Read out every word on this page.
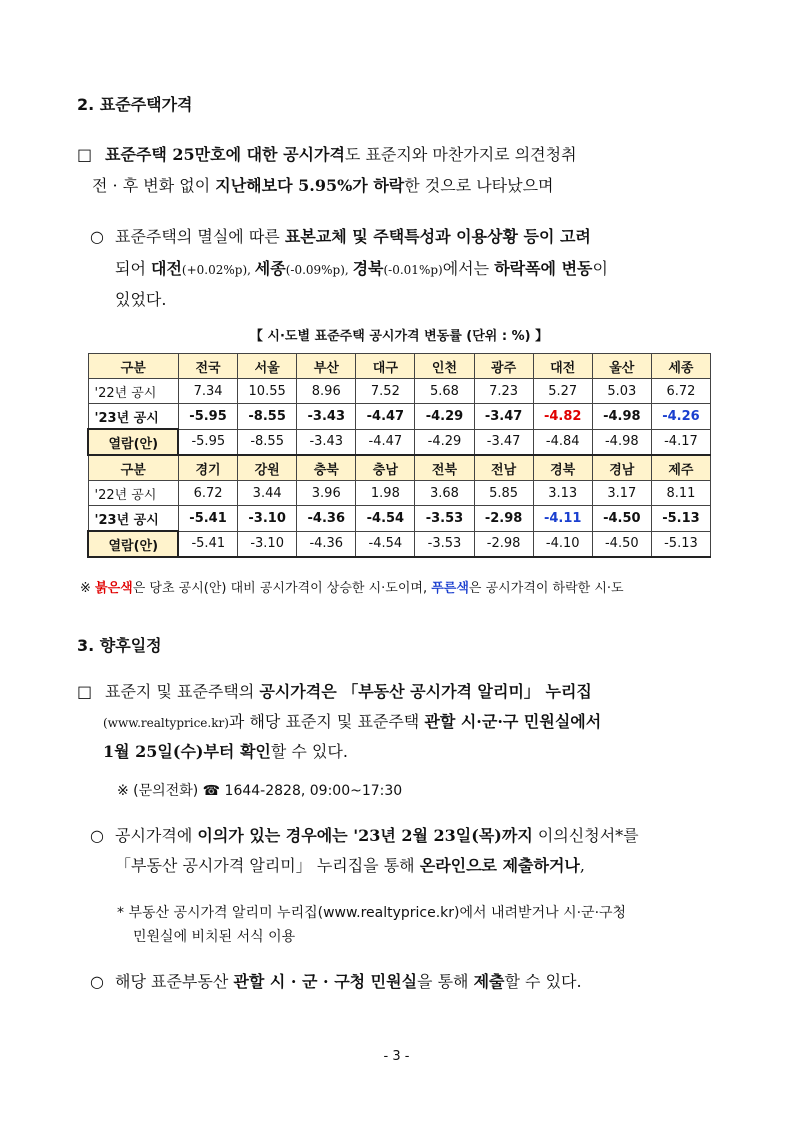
2. 표준주택가격
□ 표준주택 25만호에 대한 공시가격도 표준지와 마찬가지로 의견청취
전 · 후 변화 없이 지난해보다 5.95%가 하락한 것으로 나타났으며
○ 표준주택의 멸실에 따른 표본교체 및 주택특성과 이용상황 등이 고려
되어 대전(+0.02%p), 세종(-0.09%p), 경북(-0.01%p)에서는 하락폭에 변동이
있었다.
【 시·도별 표준주택 공시가격 변동률 (단위 : %) 】
구분	전국	서울	부산	대구	인천	광주	대전	울산	세종
'22년 공시	7.34	10.55	8.96	7.52	5.68	7.23	5.27	5.03	6.72
'23년 공시	-5.95	-8.55	-3.43	-4.47	-4.29	-3.47	-4.82	-4.98	-4.26
열람(안)	-5.95	-8.55	-3.43	-4.47	-4.29	-3.47	-4.84	-4.98	-4.17
구분	경기	강원	충북	충남	전북	전남	경북	경남	제주
'22년 공시	6.72	3.44	3.96	1.98	3.68	5.85	3.13	3.17	8.11
'23년 공시	-5.41	-3.10	-4.36	-4.54	-3.53	-2.98	-4.11	-4.50	-5.13
열람(안)	-5.41	-3.10	-4.36	-4.54	-3.53	-2.98	-4.10	-4.50	-5.13
※ 붉은색은 당초 공시(안) 대비 공시가격이 상승한 시·도이며, 푸른색은 공시가격이 하락한 시·도
3. 향후일정
□ 표준지 및 표준주택의 공시가격은 「부동산 공시가격 알리미」 누리집
(www.realtyprice.kr)과 해당 표준지 및 표준주택 관할 시·군·구 민원실에서
1월 25일(수)부터 확인할 수 있다.
※ (문의전화) ☎ 1644-2828, 09:00~17:30
○ 공시가격에 이의가 있는 경우에는 '23년 2월 23일(목)까지 이의신청서*를
「부동산 공시가격 알리미」 누리집을 통해 온라인으로 제출하거나,
* 부동산 공시가격 알리미 누리집(www.realtyprice.kr)에서 내려받거나 시·군·구청
민원실에 비치된 서식 이용
○ 해당 표준부동산 관할 시 · 군 · 구청 민원실을 통해 제출할 수 있다.
- 3 -
